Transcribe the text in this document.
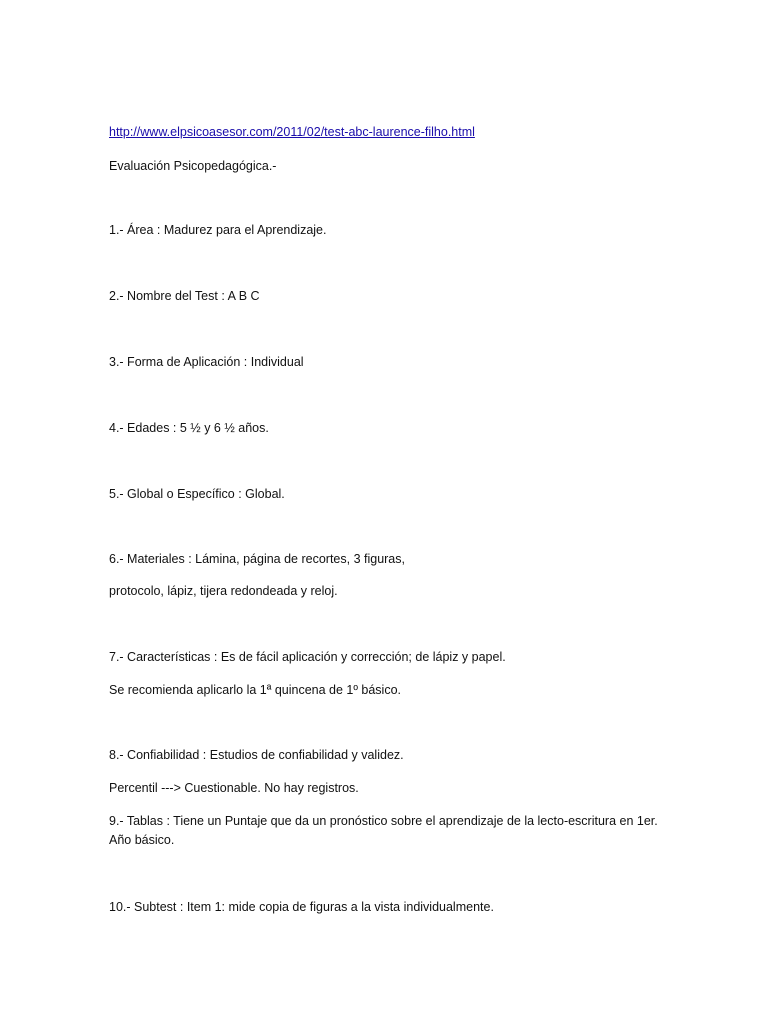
http://www.elpsicoasesor.com/2011/02/test-abc-laurence-filho.html
Evaluación Psicopedagógica.-
1.- Área : Madurez para el Aprendizaje.
2.- Nombre del Test : A B C
3.- Forma de Aplicación : Individual
4.- Edades : 5 ½ y 6 ½ años.
5.- Global o Específico : Global.
6.- Materiales : Lámina, página de recortes, 3 figuras,
protocolo, lápiz, tijera redondeada y reloj.
7.- Características : Es de fácil aplicación y corrección; de lápiz y papel.
Se recomienda aplicarlo la 1ª quincena de 1º básico.
8.- Confiabilidad : Estudios de confiabilidad y validez.
Percentil ---> Cuestionable. No hay registros.
9.- Tablas : Tiene un Puntaje que da un pronóstico sobre el aprendizaje de la lecto-escritura en 1er. Año básico.
10.- Subtest : Item 1: mide copia de figuras a la vista individualmente.
